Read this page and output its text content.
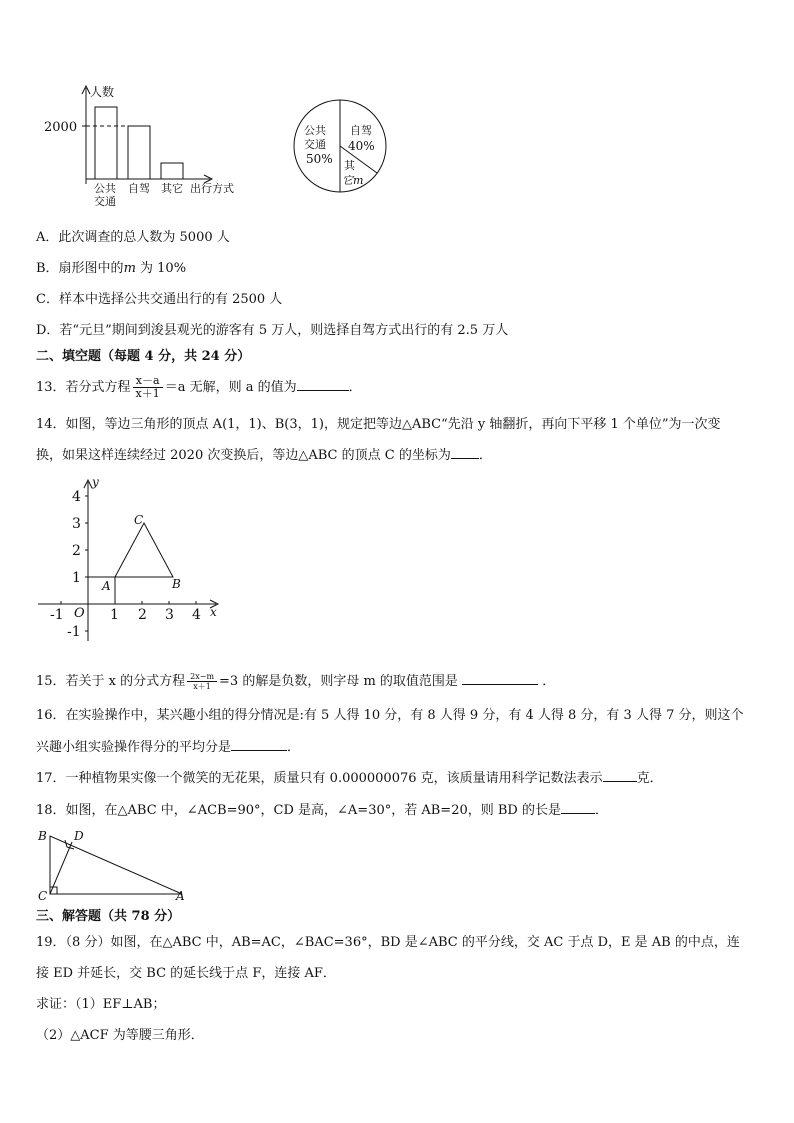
人数
2000
公共
交通
自驾 其它 出行方式
公共
交通
50%
自驾
40%
其
它m
A．此次调查的总人数为 5000 人
B．扇形图中的m 为 10%
C．样本中选择公共交通出行的有 2500 人
D．若“元旦”期间到浚县观光的游客有 5 万人，则选择自驾方式出行的有 2.5 万人
二、填空题（每题 4 分，共 24 分）
13．若分式方程 $\frac{x-a}{x+1} =a$ 无解，则 a 的值为	．
14．如图，等边三角形的顶点 A(1，1)、B(3，1)，规定把等边△ABC“先沿 y 轴翻折，再向下平移 1 个单位”为一次变
换，如果这样连续经过 2020 次变换后，等边△ABC 的顶点 C 的坐标为 ．
y
x
O
4
3
2
1
-1
-1	1 2 3 4
A	B
C
15．若关于 x 的分式方程 $\frac{2x-m}{x+1} =3$ 的解是负数，则字母 m 的取值范围是	．
16．在实验操作中，某兴趣小组的得分情况是:有 5 人得 10 分，有 8 人得 9 分，有 4 人得 8 分，有 3 人得 7 分，则这个
兴趣小组实验操作得分的平均分是	．
17．一种植物果实像一个微笑的无花果，质量只有 0.000000076 克，该质量请用科学记数法表示	克．
18．如图，在△ABC 中，∠ACB=90°，CD 是高，∠A=30°，若 AB=20，则 BD 的长是	．
B D
C	A
三、解答题（共 78 分）
19．（8 分）如图，在△ABC 中，AB=AC，∠BAC=36°，BD 是∠ABC 的平分线，交 AC 于点 D，E 是 AB 的中点，连
接 ED 并延长，交 BC 的延长线于点 F，连接 AF．
求证：（1）EF⊥AB；
（2）△ACF 为等腰三角形．
